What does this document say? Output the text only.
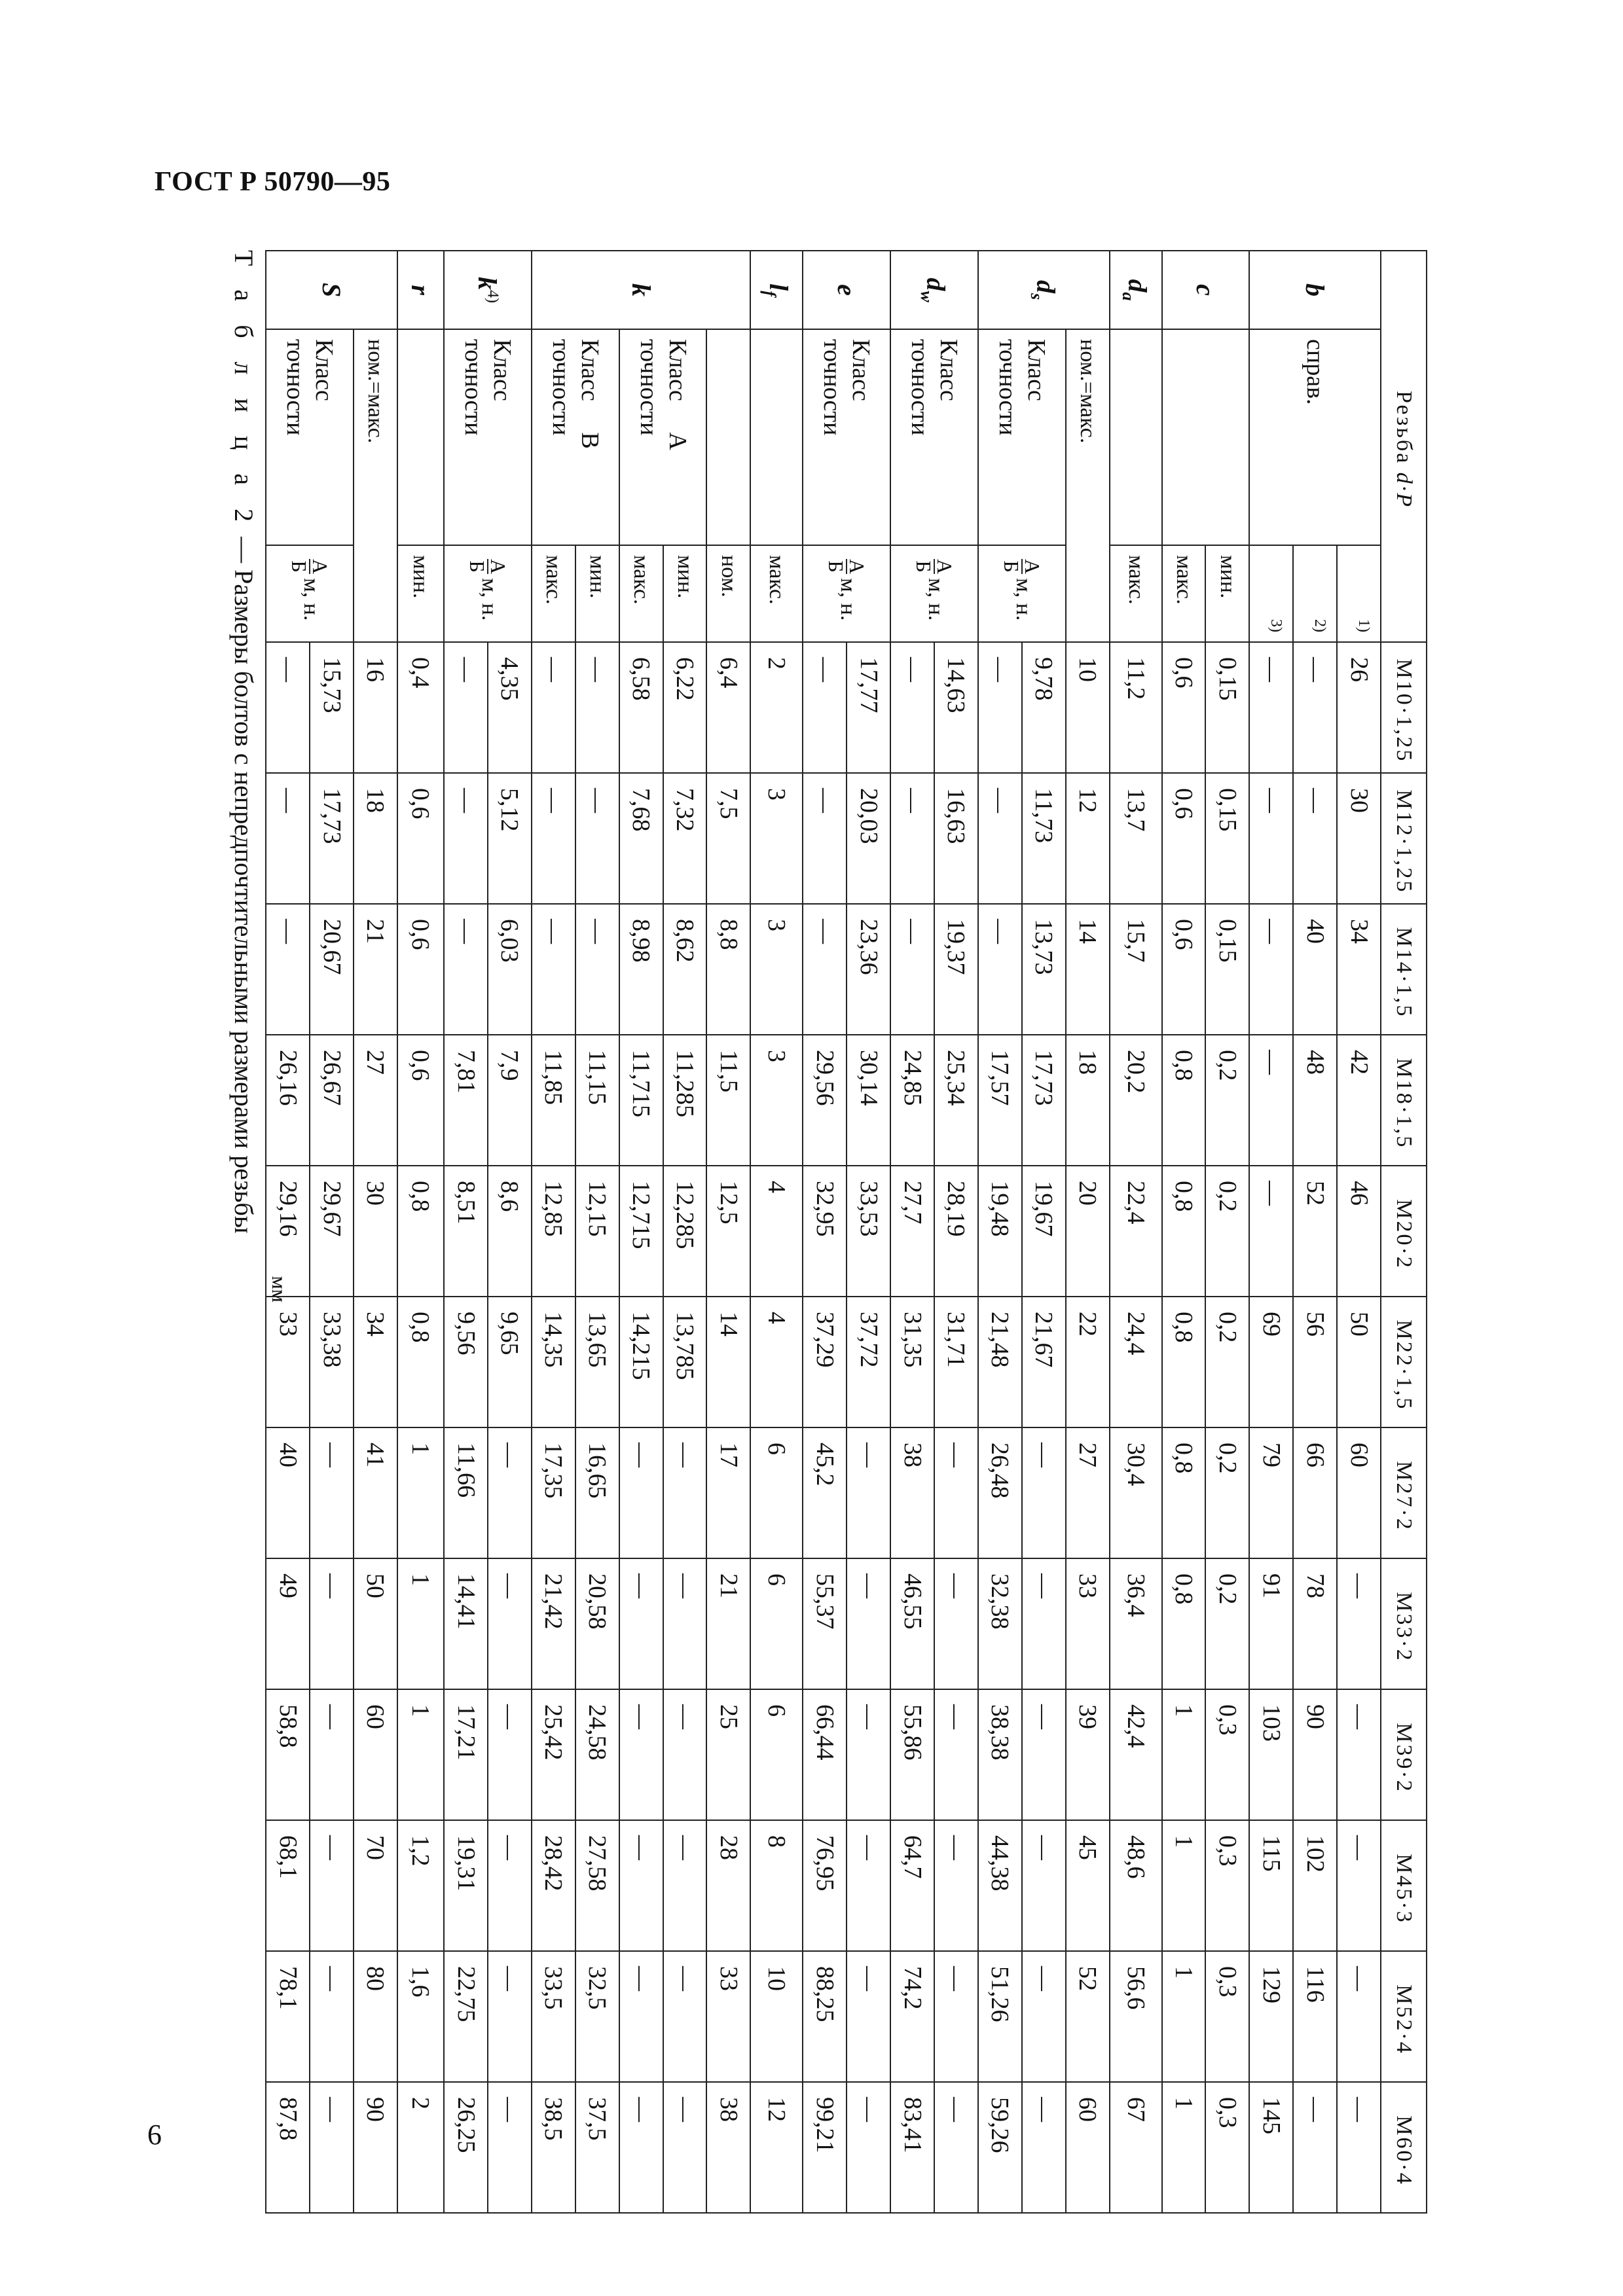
ГОСТ Р 50790—95
6
Т а б л и ц а 2 — Размеры болтов с непредпочтительными размерами резьбы
мм
Резьба d·P			M10·1,25	M12·1,25	M14·1,5	M18·1,5	M20·2	M22·1,5	M27·2	M33·2	M39·2	M45·3	M52·4	M60·4
b	справ.	$^{1)}$	26	30	34	42	46	50	60	—	—	—	—	—
		$^{2)}$	—	—	40	48	52	56	66	78	90	102	116	—
		$^{3)}$	—	—	—	—	—	69	79	91	103	115	129	145
c		мин.	0,15	0,15	0,15	0,2	0,2	0,2	0,2	0,2	0,3	0,3	0,3	0,3
		макс.	0,6	0,6	0,6	0,8	0,8	0,8	0,8	0,8	1	1	1	1
$d_a$		макс.	11,2	13,7	15,7	20,2	22,4	24,4	30,4	36,4	42,4	48,6	56,6	67
$d_s$	ном.=макс.		10	12	14	18	20	22	27	33	39	45	52	60
	Класс
точности	А
Б
м, н.	9,78	11,73	13,73	17,73	19,67	21,67	—	—	—	—	—	—
			—	—	—	17,57	19,48	21,48	26,48	32,38	38,38	44,38	51,26	59,26
$d_w$	Класс
точности	А
Б
м, н.	14,63	16,63	19,37	25,34	28,19	31,71	—	—	—	—	—	—
			—	—	—	24,85	27,7	31,35	38	46,55	55,86	64,7	74,2	83,41
e	Класс
точности	А
Б
м, н.	17,77	20,03	23,36	30,14	33,53	37,72	—	—	—	—	—	—
			—	—	—	29,56	32,95	37,29	45,2	55,37	66,44	76,95	88,25	99,21
$l_f$		макс.	2	3	3	3	4	4	6	6	6	8	10	12
k		ном.	6,4	7,5	8,8	11,5	12,5	14	17	21	25	28	33	38
	Класс     А
точности	мин.	6,22	7,32	8,62	11,285	12,285	13,785	—	—	—	—	—	—
		макс.	6,58	7,68	8,98	11,715	12,715	14,215	—	—	—	—	—	—
	Класс     В
точности	мин.	—	—	—	11,15	12,15	13,65	16,65	20,58	24,58	27,58	32,5	37,5
		макс.	—	—	—	11,85	12,85	14,35	17,35	21,42	25,42	28,42	33,5	38,5
$k^{4)}$	Класс
точности	А
Б
м, н.	4,35	5,12	6,03	7,9	8,6	9,65	—	—	—	—	—	—
			—	—	—	7,81	8,51	9,56	11,66	14,41	17,21	19,31	22,75	26,25
r		мин.	0,4	0,6	0,6	0,6	0,8	0,8	1	1	1	1,2	1,6	2
S	ном.=макс.		16	18	21	27	30	34	41	50	60	70	80	90
	Класс
точности	А
Б
м, н.	15,73	17,73	20,67	26,67	29,67	33,38	—	—	—	—	—	—
			—	—	—	26,16	29,16	33	40	49	58,8	68,1	78,1	87,8
